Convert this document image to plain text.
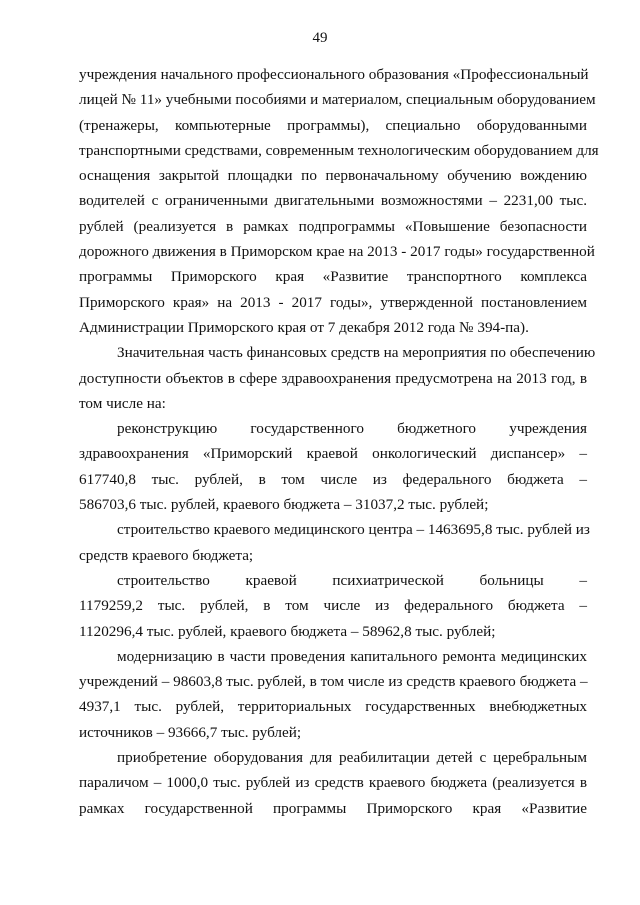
49
учреждения начального профессионального образования «Профессиональный
лицей № 11» учебными пособиями и материалом, специальным оборудованием
(тренажеры, компьютерные программы), специально оборудованными
транспортными средствами, современным технологическим оборудованием для
оснащения закрытой площадки по первоначальному обучению вождению
водителей с ограниченными двигательными возможностями – 2231,00 тыс.
рублей (реализуется в рамках подпрограммы «Повышение безопасности
дорожного движения в Приморском крае на 2013 - 2017 годы» государственной
программы Приморского края «Развитие транспортного комплекса
Приморского края» на 2013 - 2017 годы», утвержденной постановлением
Администрации Приморского края от 7 декабря 2012 года № 394-па).
Значительная часть финансовых средств на мероприятия по обеспечению
доступности объектов в сфере здравоохранения предусмотрена на 2013 год, в
том числе на:
реконструкцию государственного бюджетного учреждения
здравоохранения «Приморский краевой онкологический диспансер» –
617740,8 тыс. рублей, в том числе из федерального бюджета –
586703,6 тыс. рублей, краевого бюджета – 31037,2 тыс. рублей;
строительство краевого медицинского центра – 1463695,8 тыс. рублей из
средств краевого бюджета;
строительство краевой психиатрической больницы –
1179259,2 тыс. рублей, в том числе из федерального бюджета –
1120296,4 тыс. рублей, краевого бюджета – 58962,8 тыс. рублей;
модернизацию в части проведения капитального ремонта медицинских
учреждений – 98603,8 тыс. рублей, в том числе из средств краевого бюджета –
4937,1 тыс. рублей, территориальных государственных внебюджетных
источников – 93666,7 тыс. рублей;
приобретение оборудования для реабилитации детей с церебральным
параличом – 1000,0 тыс. рублей из средств краевого бюджета (реализуется в
рамках государственной программы Приморского края «Развитие
